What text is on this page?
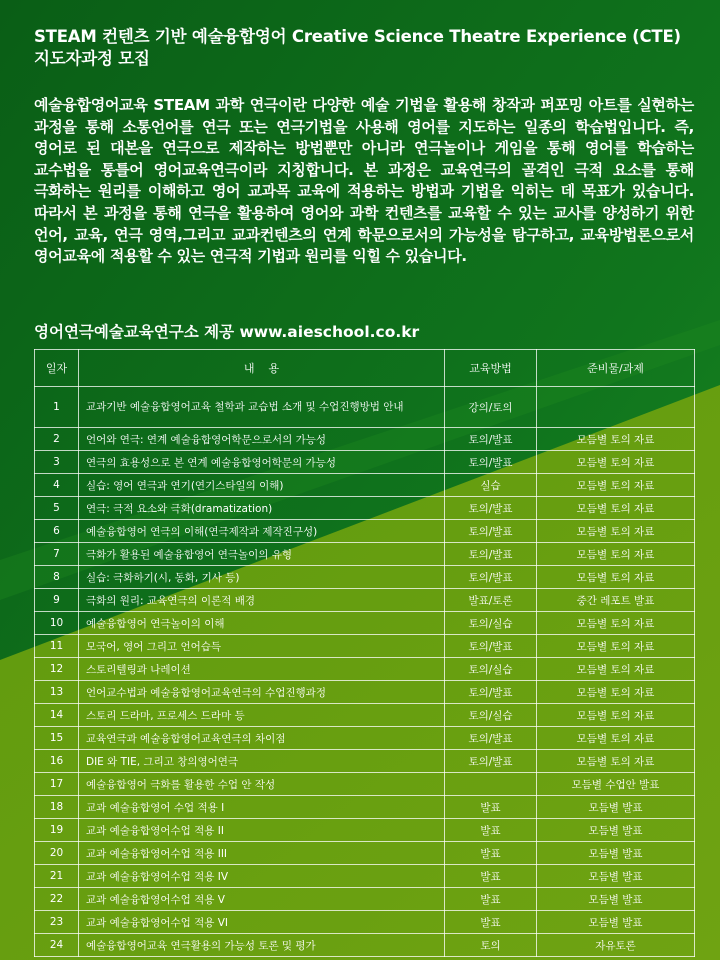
STEAM 컨텐츠 기반 예술융합영어 Creative Science Theatre Experience (CTE)
지도자과정 모집
예술융합영어교육 STEAM 과학 연극이란 다양한 예술 기법을 활용해 창작과 퍼포밍 아트를 실현하는 과정을 통해 소통언어를 연극 또는 연극기법을 사용해 영어를 지도하는 일종의 학습법입니다. 즉, 영어로 된 대본을 연극으로 제작하는 방법뿐만 아니라 연극놀이나 게임을 통해 영어를 학습하는 교수법을 통틀어 영어교육연극이라 지칭합니다. 본 과정은 교육연극의 골격인 극적 요소를 통해 극화하는 원리를 이해하고 영어 교과목 교육에 적용하는 방법과 기법을 익히는 데 목표가 있습니다. 따라서 본 과정을 통해 연극을 활용하여 영어와 과학 컨텐츠를 교육할 수 있는 교사를 양성하기 위한 언어, 교육, 연극 영역,그리고 교과컨텐츠의 연계 학문으로서의 가능성을 탐구하고, 교육방법론으로서 영어교육에 적용할 수 있는 연극적 기법과 원리를 익힐 수 있습니다.
영어연극예술교육연구소 제공 www.aieschool.co.kr
일자	내    용	교육방법	준비물/과제
1	교과기반 예술융합영어교육 철학과 교습법 소개 및 수업진행방법 안내	강의/토의	
2	언어와 연극: 연계 예술융합영어학문으로서의 가능성	토의/발표	모듬별 토의 자료
3	연극의 효용성으로 본 연계 예술융합영어학문의 가능성	토의/발표	모듬별 토의 자료
4	실습: 영어 연극과 연기(연기스타일의 이해)	실습	모듬별 토의 자료
5	연극: 극적 요소와 극화(dramatization)	토의/발표	모듬별 토의 자료
6	예술융합영어 연극의 이해(연극제작과 제작진구성)	토의/발표	모듬별 토의 자료
7	극화가 활용된 예술융합영어 연극놀이의 유형	토의/발표	모듬별 토의 자료
8	실습: 극화하기(시, 동화, 기사 등)	토의/발표	모듬별 토의 자료
9	극화의 원리: 교육연극의 이론적 배경	발표/토론	중간 레포트 발표
10	예술융합영어 연극놀이의 이해	토의/실습	모듬별 토의 자료
11	모국어, 영어 그리고 언어습득	토의/발표	모듬별 토의 자료
12	스토리텔링과 나레이션	토의/실습	모듬별 토의 자료
13	언어교수법과 예술융합영어교육연극의 수업진행과정	토의/발표	모듬별 토의 자료
14	스토리 드라마, 프로세스 드라마 등	토의/실습	모듬별 토의 자료
15	교육연극과 예술융합영어교육연극의 차이점	토의/발표	모듬별 토의 자료
16	DIE 와 TIE, 그리고 창의영어연극	토의/발표	모듬별 토의 자료
17	예술융합영어 극화를 활용한 수업 안 작성		모듬별 수업안 발표
18	교과 예술융합영어 수업 적용 I	발표	모듬별 발표
19	교과 예술융합영어수업 적용 II	발표	모듬별 발표
20	교과 예술융합영어수업 적용 III	발표	모듬별 발표
21	교과 예술융합영어수업 적용 IV	발표	모듬별 발표
22	교과 예술융합영어수업 적용 V	발표	모듬별 발표
23	교과 예술융합영어수업 적용 VI	발표	모듬별 발표
24	예술융합영어교육 연극활용의 가능성 토론 및 평가	토의	자유토론
